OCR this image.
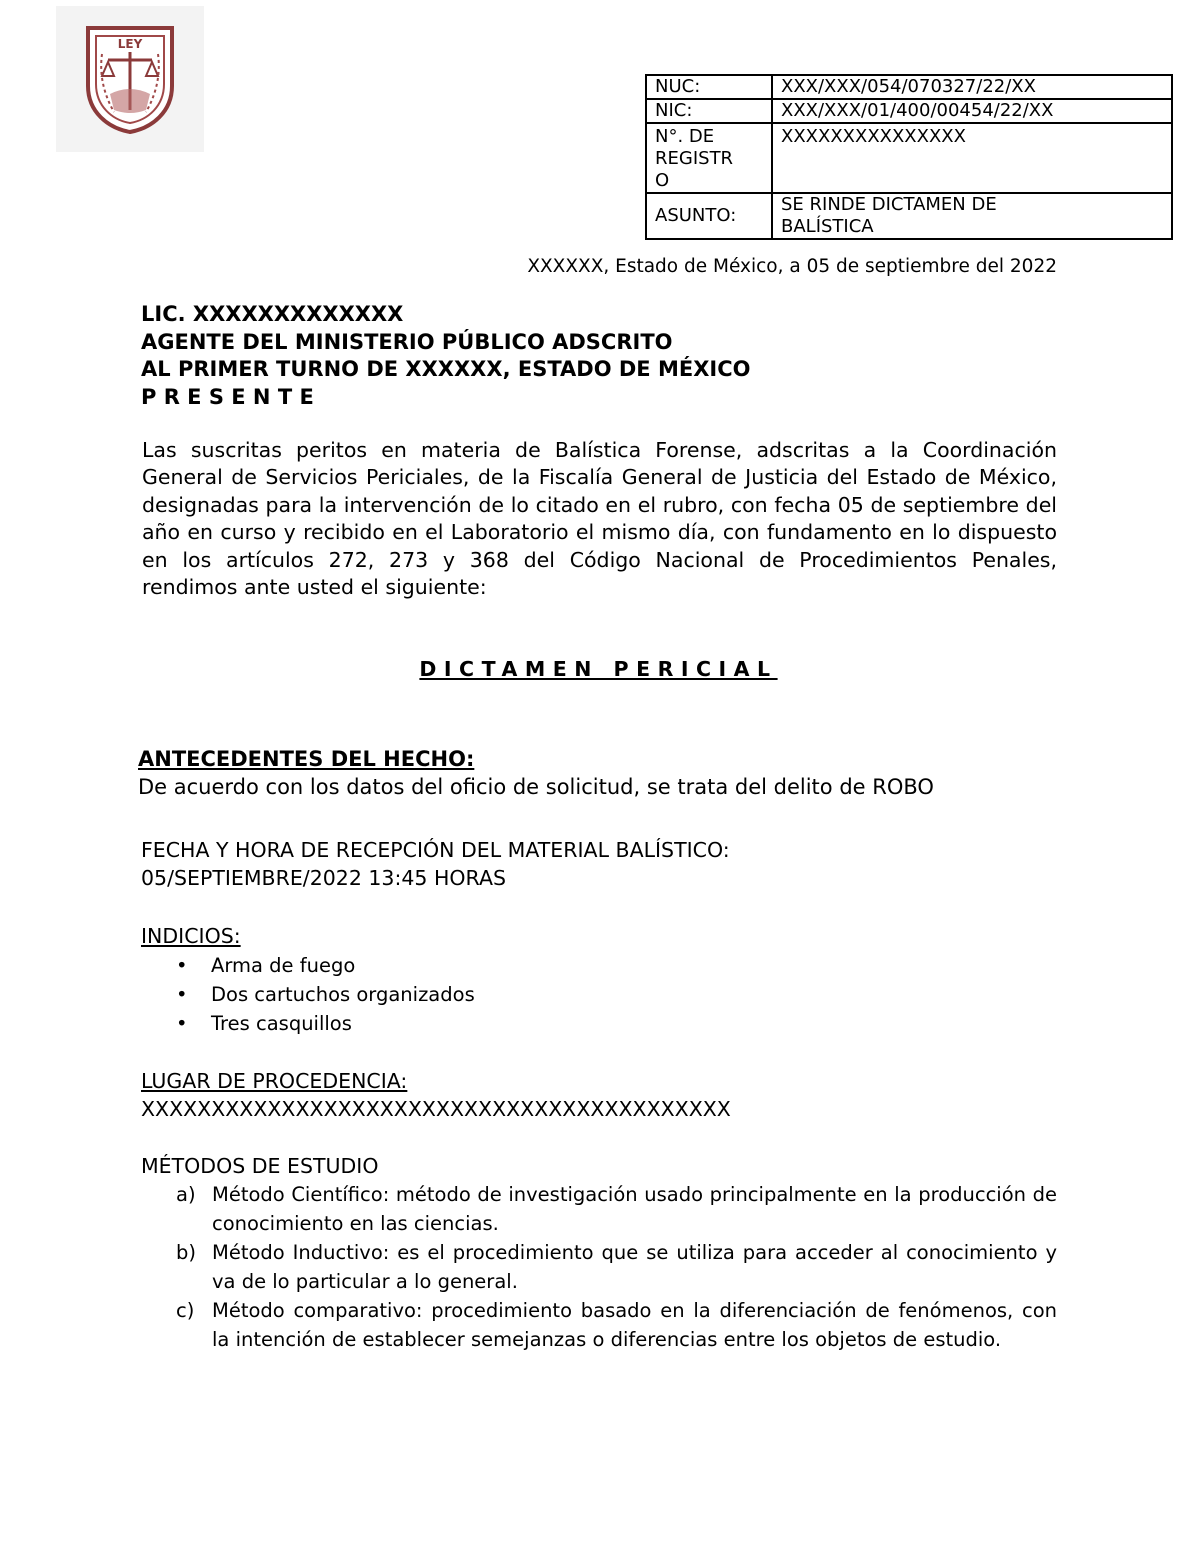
LEY
NUC:	XXX/XXX/054/070327/22/XX
NIC:	XXX/XXX/01/400/00454/22/XX

N°. DE
REGISTR
O	XXXXXXXXXXXXXXX
ASUNTO:	SE RINDE DICTAMEN DE
BALÍSTICA
XXXXXX, Estado de México, a 05 de septiembre del 2022
LIC. XXXXXXXXXXXXX
AGENTE DEL MINISTERIO PÚBLICO ADSCRITO
AL PRIMER TURNO DE XXXXXX, ESTADO DE MÉXICO
P R E S E N T E
Las suscritas peritos en materia de Balística Forense, adscritas a la Coordinación General de Servicios Periciales, de la Fiscalía General de Justicia del Estado de México, designadas para la intervención de lo citado en el rubro, con fecha 05 de septiembre del año en curso y recibido en el Laboratorio el mismo día, con fundamento en lo dispuesto en los artículos 272, 273 y 368 del Código Nacional de Procedimientos Penales, rendimos ante usted el siguiente:
DICTAMEN PERICIAL
ANTECEDENTES DEL HECHO:
De acuerdo con los datos del oficio de solicitud, se trata del delito de ROBO
FECHA Y HORA DE RECEPCIÓN DEL MATERIAL BALÍSTICO:
05/SEPTIEMBRE/2022 13:45 HORAS
INDICIOS:
• Arma de fuego
• Dos cartuchos organizados
• Tres casquillos
LUGAR DE PROCEDENCIA:
XXXXXXXXXXXXXXXXXXXXXXXXXXXXXXXXXXXXXXXXXX
MÉTODOS DE ESTUDIO
a) Método Científico: método de investigación usado principalmente en la producción de conocimiento en las ciencias.
b) Método Inductivo: es el procedimiento que se utiliza para acceder al conocimiento y va de lo particular a lo general.
c) Método comparativo: procedimiento basado en la diferenciación de fenómenos, con la intención de establecer semejanzas o diferencias entre los objetos de estudio.
